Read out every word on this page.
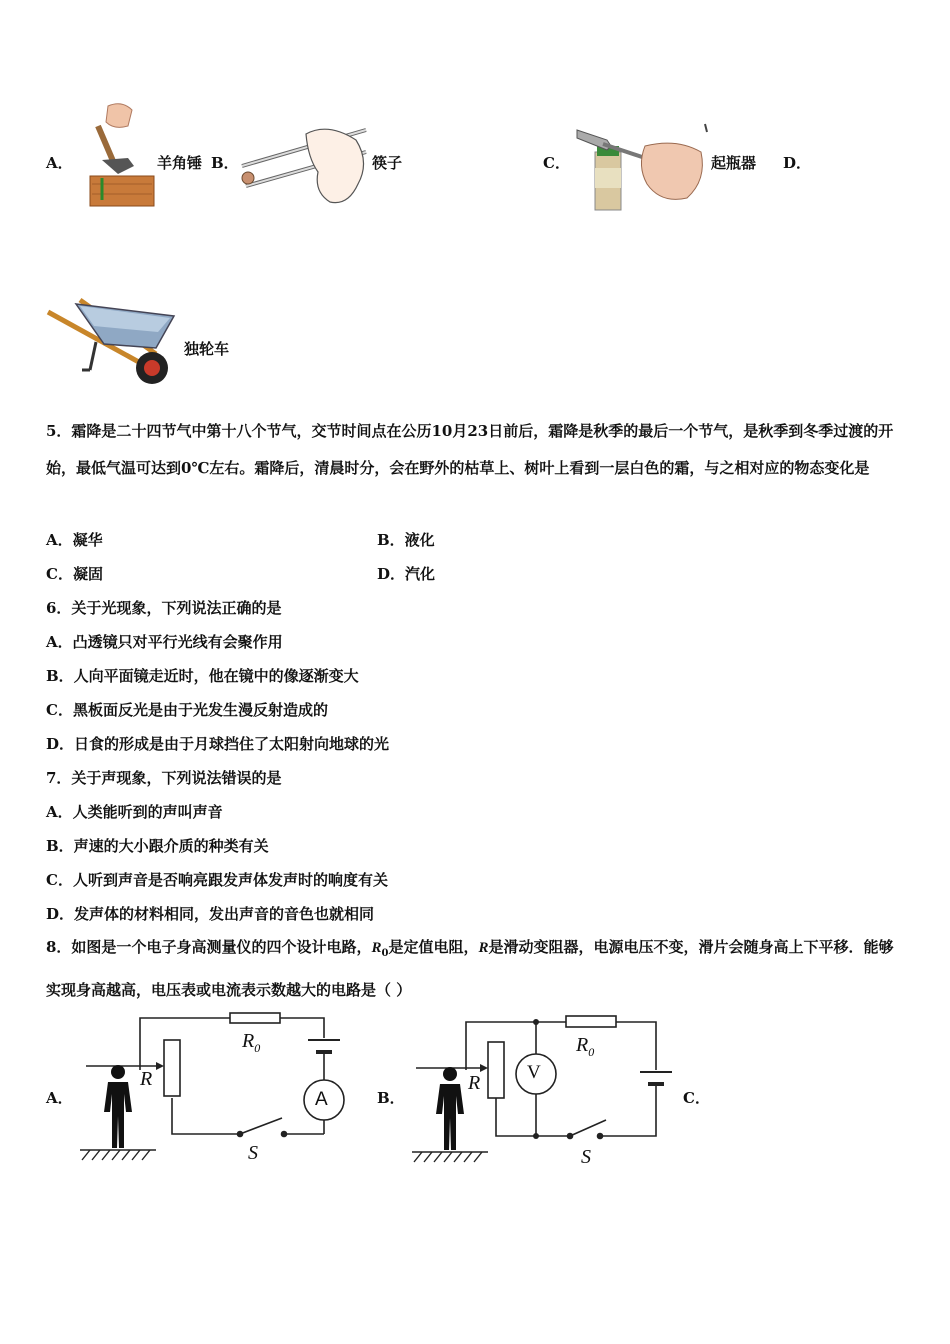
A．	羊角锤 B．	筷子	C．	起瓶器 D．
独轮车
5．霜降是二十四节气中第十八个节气，交节时间点在公历10月23日前后，霜降是秋季的最后一个节气，是秋季到冬季过渡的开始，最低气温可达到0℃左右。霜降后，清晨时分，会在野外的枯草上、树叶上看到一层白色的霜，与之相对应的物态变化是
A．凝华	B．液化
C．凝固	D．汽化
6．关于光现象，下列说法正确的是
A．凸透镜只对平行光线有会聚作用
B．人向平面镜走近时，他在镜中的像逐渐变大
C．黑板面反光是由于光发生漫反射造成的
D．日食的形成是由于月球挡住了太阳射向地球的光
7．关于声现象，下列说法错误的是
A．人类能听到的声叫声音
B．声速的大小跟介质的种类有关
C．人听到声音是否响亮跟发声体发声时的响度有关
D．发声体的材料相同，发出声音的音色也就相同
8．如图是一个电子身高测量仪的四个设计电路，$R_0$是定值电阻，R是滑动变阻器，电源电压不变，滑片会随身高上下平移．能够实现身高越高，电压表或电流表示数越大的电路是（ ）
A．
R
$R_0$
A
S
B．
R
$R_0$
V
S
C．
